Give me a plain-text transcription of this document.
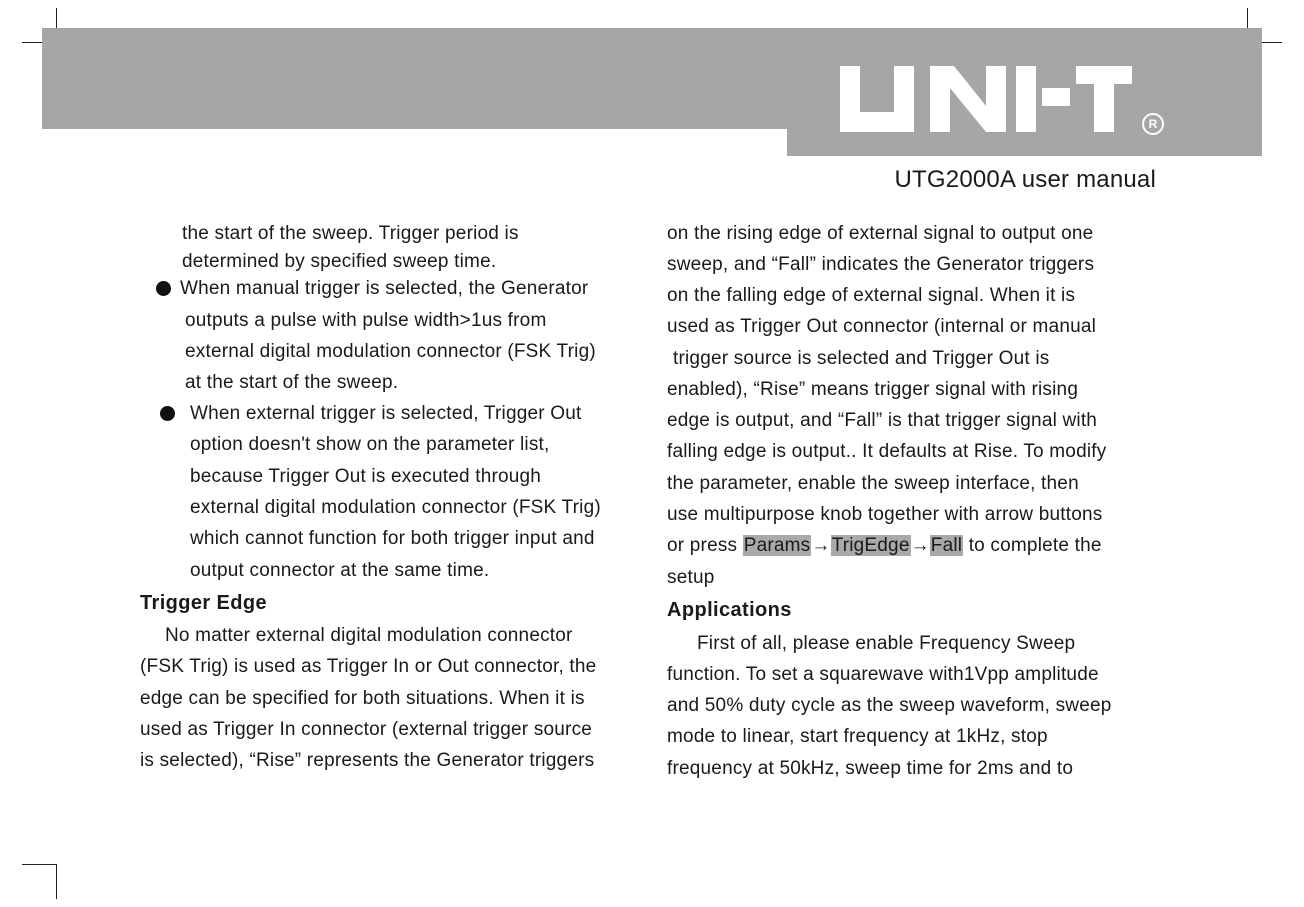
R
UTG2000A user manual
the start of the sweep. Trigger period is
determined by specified sweep time.
When manual trigger is selected, the Generator
outputs a pulse with pulse width>1us from
external digital modulation connector (FSK Trig)
at the start of the sweep.
When external trigger is selected, Trigger Out
option doesn't show on the parameter list,
because Trigger Out is executed through
external digital modulation connector (FSK Trig)
which cannot function for both trigger input and
output connector at the same time.
Trigger Edge
No matter external digital modulation connector
(FSK Trig) is used as Trigger In or Out connector, the
edge can be specified for both situations. When it is
used as Trigger In connector (external trigger source
is selected), “Rise” represents the Generator triggers
on the rising edge of external signal to output one
sweep, and “Fall” indicates the Generator triggers
on the falling edge of external signal. When it is
used as Trigger Out connector (internal or manual
trigger source is selected and Trigger Out is
enabled), “Rise” means trigger signal with rising
edge is output, and “Fall” is that trigger signal with
falling edge is output.. It defaults at Rise. To modify
the parameter, enable the sweep interface, then
use multipurpose knob together with arrow buttons
or press Params→TrigEdge→Fall to complete the
setup
Applications
First of all, please enable Frequency Sweep
function. To set a squarewave with1Vpp amplitude
and 50% duty cycle as the sweep waveform, sweep
mode to linear, start frequency at 1kHz, stop
frequency at 50kHz, sweep time for 2ms and to
